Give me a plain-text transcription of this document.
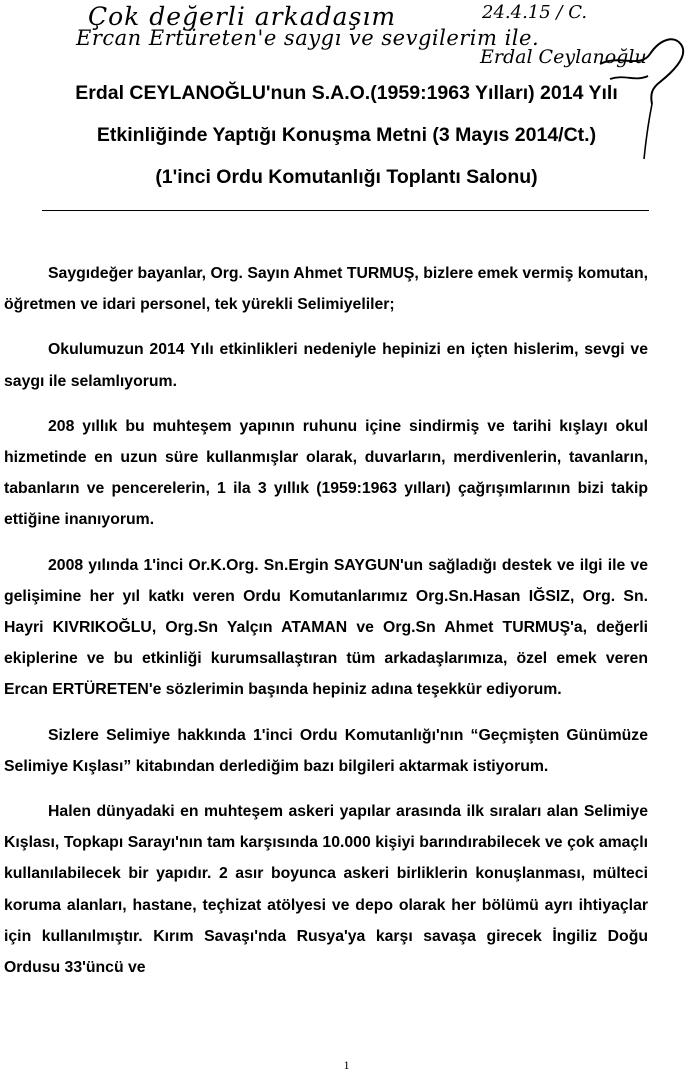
Çok değerli arkadaşım	24.4.15 / C.
Ercan Ertüreten'e saygı ve sevgilerim ile.
Erdal Ceylanoğlu

Erdal CEYLANOĞLU'nun S.A.O.(1959:1963 Yılları) 2014 Yılı

Etkinliğinde Yaptığı Konuşma Metni (3 Mayıs 2014/Ct.)

(1'inci Ordu Komutanlığı Toplantı Salonu)

Saygıdeğer bayanlar, Org. Sayın Ahmet TURMUŞ, bizlere emek vermiş komutan, öğretmen ve idari personel, tek yürekli Selimiyeliler;

Okulumuzun 2014 Yılı etkinlikleri nedeniyle hepinizi en içten hislerim, sevgi ve saygı ile selamlıyorum.

208 yıllık bu muhteşem yapının ruhunu içine sindirmiş ve tarihi kışlayı okul hizmetinde en uzun süre kullanmışlar olarak, duvarların, merdivenlerin, tavanların, tabanların ve pencerelerin, 1 ila 3 yıllık (1959:1963 yılları) çağrışımlarının bizi takip ettiğine inanıyorum.

2008 yılında 1'inci Or.K.Org. Sn.Ergin SAYGUN'un sağladığı destek ve ilgi ile ve gelişimine her yıl katkı veren Ordu Komutanlarımız Org.Sn.Hasan IĞSIZ, Org. Sn. Hayri KIVRIKOĞLU, Org.Sn Yalçın ATAMAN ve Org.Sn Ahmet TURMUŞ'a, değerli ekiplerine ve bu etkinliği kurumsallaştıran tüm arkadaşlarımıza, özel emek veren Ercan ERTÜRETEN'e sözlerimin başında hepiniz adına teşekkür ediyorum.

Sizlere Selimiye hakkında 1'inci Ordu Komutanlığı'nın “Geçmişten Günümüze Selimiye Kışlası” kitabından derlediğim bazı bilgileri aktarmak istiyorum.

Halen dünyadaki en muhteşem askeri yapılar arasında ilk sıraları alan Selimiye Kışlası, Topkapı Sarayı'nın tam karşısında 10.000 kişiyi barındırabilecek ve çok amaçlı kullanılabilecek bir yapıdır. 2 asır boyunca askeri birliklerin konuşlanması, mülteci koruma alanları, hastane, teçhizat atölyesi ve depo olarak her bölümü ayrı ihtiyaçlar için kullanılmıştır. Kırım Savaşı'nda Rusya'ya karşı savaşa girecek İngiliz Doğu Ordusu 33'üncü ve

1
